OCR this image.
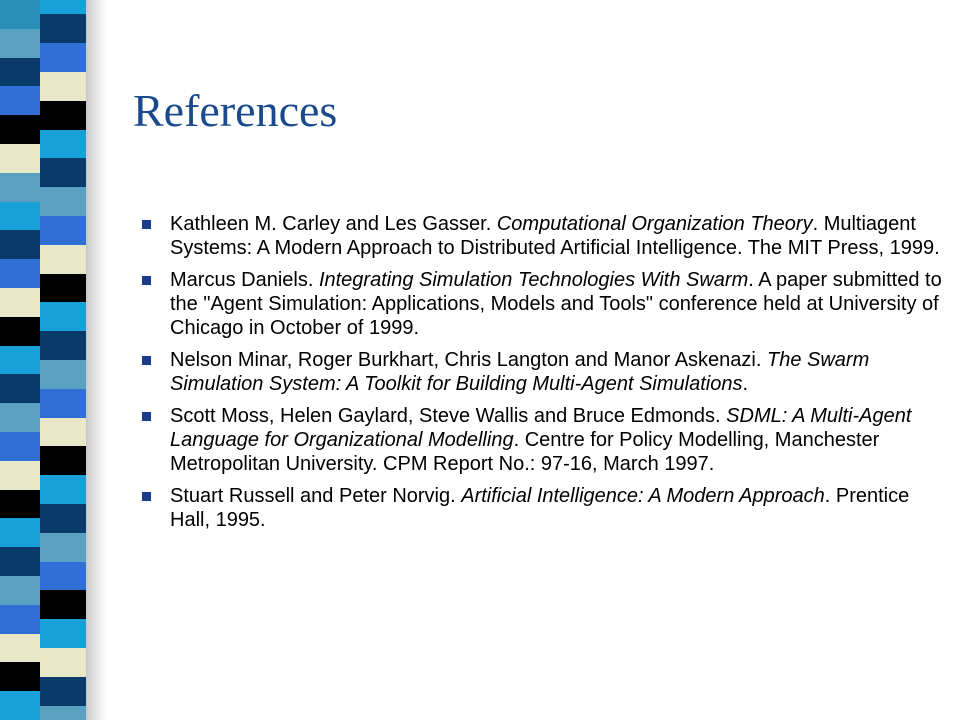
References
Kathleen M. Carley and Les Gasser. Computational Organization Theory. Multiagent Systems: A Modern Approach to Distributed Artificial Intelligence. The MIT Press, 1999.
Marcus Daniels. Integrating Simulation Technologies With Swarm. A paper submitted to the "Agent Simulation: Applications, Models and Tools" conference held at University of Chicago in October of 1999.
Nelson Minar, Roger Burkhart, Chris Langton and Manor Askenazi. The Swarm Simulation System: A Toolkit for Building Multi-Agent Simulations.
Scott Moss, Helen Gaylard, Steve Wallis and Bruce Edmonds. SDML: A Multi-Agent Language for Organizational Modelling. Centre for Policy Modelling, Manchester Metropolitan University. CPM Report No.: 97-16, March 1997.
Stuart Russell and Peter Norvig. Artificial Intelligence: A Modern Approach. Prentice Hall, 1995.
